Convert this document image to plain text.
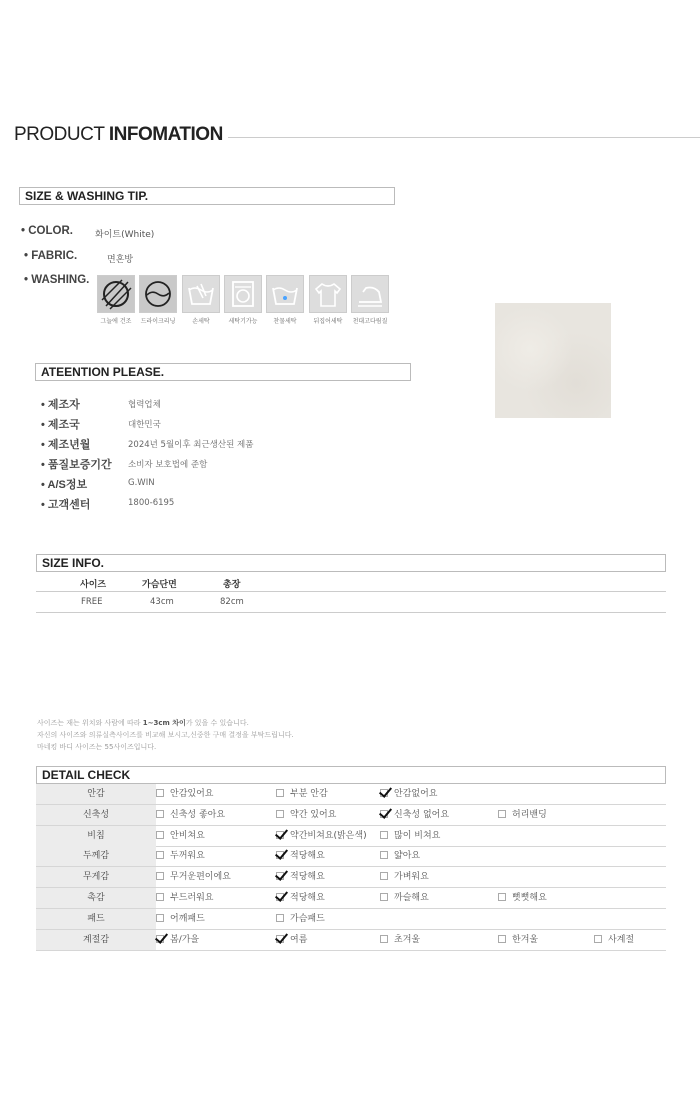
PRODUCT INFOMATION
SIZE & WASHING TIP.
• COLOR. 화이트(White)
• FABRIC.	면혼방
• WASHING.
그늘에 건조	드라이크리닝	손세탁	세탁기가능	찬물세탁	뒤집어세탁	천대고다림질
ATEENTION PLEASE.
• 제조자	협력업체
• 제조국	대한민국
• 제조년월	2024년 5월이후 최근생산된 제품
• 품질보증기간 소비자 보호법에 준함
• A/S정보	G.WIN
• 고객센터	1800-6195
SIZE INFO.
사이즈	가슴단면	총장
FREE	43cm	82cm
사이즈는 재는 위치와 사람에 따라 1~3cm 차이가 있을 수 있습니다.
자신의 사이즈와 의류실측사이즈를 비교해 보시고,신중한 구매 결정을 부탁드립니다.
마네킹 바디 사이즈는 55사이즈입니다.
DETAIL CHECK
안감	안감있어요	부분 안감	안감없어요
신축성	신축성 좋아요	약간 있어요	신축성 없어요	허리밴딩
비침	안비쳐요	약간비쳐요(밝은색)	많이 비쳐요
두께감	두꺼워요	적당해요	얇아요
무게감	무거운편이에요	적당해요	가벼워요
촉감	부드러워요	적당해요	까슬해요	뻣뻣해요
패드	어깨패드	가슴패드
계절감	봄/가을	여름	초겨울	한겨울	사계절
